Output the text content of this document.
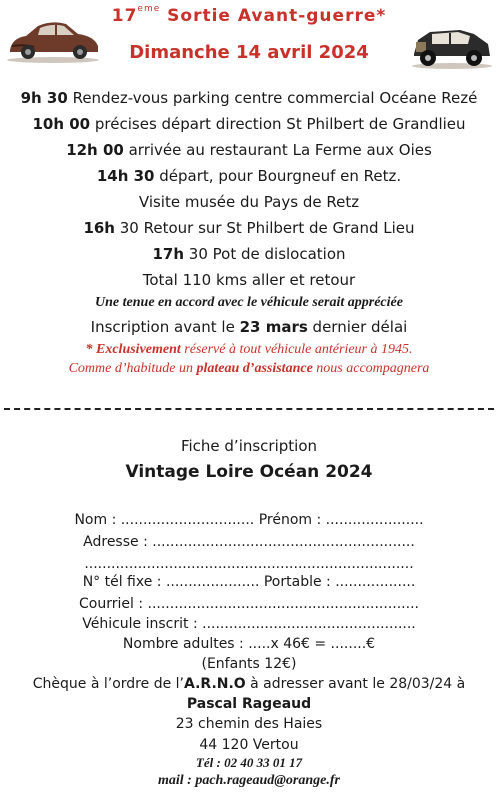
17eme Sortie Avant-guerre*
Dimanche 14 avril 2024
9h 30 Rendez-vous parking centre commercial Océane Rezé
10h 00 précises départ direction St Philbert de Grandlieu
12h 00 arrivée au restaurant La Ferme aux Oies
14h 30 départ, pour Bourgneuf en Retz.
Visite musée du Pays de Retz
16h 30 Retour sur St Philbert de Grand Lieu
17h 30 Pot de dislocation
Total 110 kms aller et retour
Une tenue en accord avec le véhicule serait appréciée
Inscription avant le 23 mars dernier délai
* Exclusivement réservé à tout véhicule antérieur à 1945.
Comme d’habitude un plateau d’assistance nous accompagnera
Fiche d’inscription
Vintage Loire Océan 2024
Nom : .............................. Prénom : ......................
Adresse : ...........................................................
..........................................................................
N° tél fixe : ..................... Portable : ..................
Courriel : .............................................................
Véhicule inscrit : ................................................
Nombre adultes : .....x 46€ = ........€
(Enfants 12€)
Chèque à l’ordre de l’A.R.N.O à adresser avant le 28/03/24 à
Pascal Rageaud
23 chemin des Haies
44 120 Vertou
Tél : 02 40 33 01 17
mail : pach.rageaud@orange.fr
